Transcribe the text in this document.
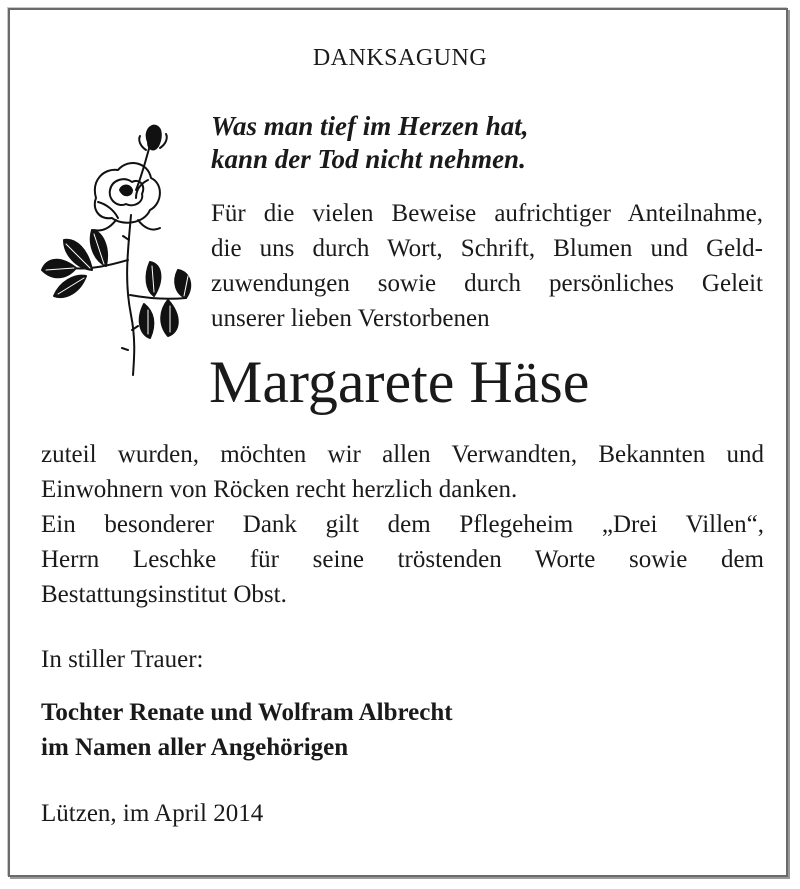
DANKSAGUNG
Was man tief im Herzen hat,
kann der Tod nicht nehmen.
Für die vielen Beweise aufrichtiger Anteilnahme,
die uns durch Wort, Schrift, Blumen und Geld-
zuwendungen sowie durch persönliches Geleit
unserer lieben Verstorbenen
Margarete Häse
zuteil wurden, möchten wir allen Verwandten, Bekannten und
Einwohnern von Röcken recht herzlich danken.
Ein besonderer Dank gilt dem Pflegeheim „Drei Villen“,
Herrn Leschke für seine tröstenden Worte sowie dem
Bestattungsinstitut Obst.
In stiller Trauer:
Tochter Renate und Wolfram Albrecht
im Namen aller Angehörigen
Lützen, im April 2014
